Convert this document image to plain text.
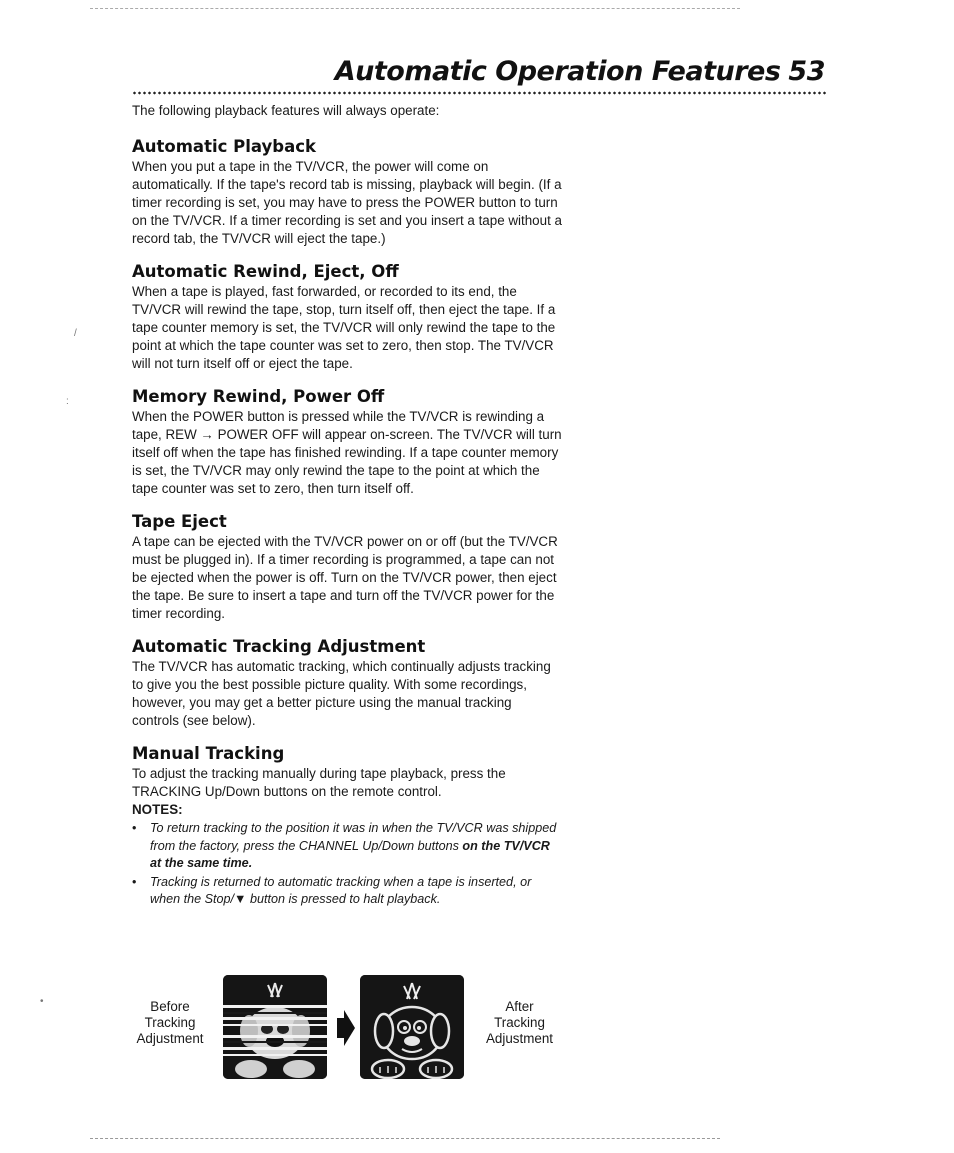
Automatic Operation Features 53

The following playback features will always operate:

Automatic Playback

When you put a tape in the TV/VCR, the power will come on automatically. If the tape's record tab is missing, playback will begin. (If a timer recording is set, you may have to press the POWER button to turn on the TV/VCR. If a timer recording is set and you insert a tape without a record tab, the TV/VCR will eject the tape.)

Automatic Rewind, Eject, Off

When a tape is played, fast forwarded, or recorded to its end, the TV/VCR will rewind the tape, stop, turn itself off, then eject the tape. If a tape counter memory is set, the TV/VCR will only rewind the tape to the point at which the tape counter was set to zero, then stop. The TV/VCR will not turn itself off or eject the tape.

Memory Rewind, Power Off

When the POWER button is pressed while the TV/VCR is rewinding a tape, REW → POWER OFF will appear on-screen. The TV/VCR will turn itself off when the tape has finished rewinding. If a tape counter memory is set, the TV/VCR may only rewind the tape to the point at which the tape counter was set to zero, then turn itself off.

Tape Eject

A tape can be ejected with the TV/VCR power on or off (but the TV/VCR must be plugged in). If a timer recording is programmed, a tape can not be ejected when the power is off. Turn on the TV/VCR power, then eject the tape. Be sure to insert a tape and turn off the TV/VCR power for the timer recording.

Automatic Tracking Adjustment

The TV/VCR has automatic tracking, which continually adjusts tracking to give you the best possible picture quality. With some recordings, however, you may get a better picture using the manual tracking controls (see below).

Manual Tracking

To adjust the tracking manually during tape playback, press the TRACKING Up/Down buttons on the remote control.

NOTES:

• To return tracking to the position it was in when the TV/VCR was shipped from the factory, press the CHANNEL Up/Down buttons on the TV/VCR at the same time.
• Tracking is returned to automatic tracking when a tape is inserted, or when the Stop/▼ button is pressed to halt playback.
Before
Tracking
Adjustment
After
Tracking
Adjustment
/
:
•
